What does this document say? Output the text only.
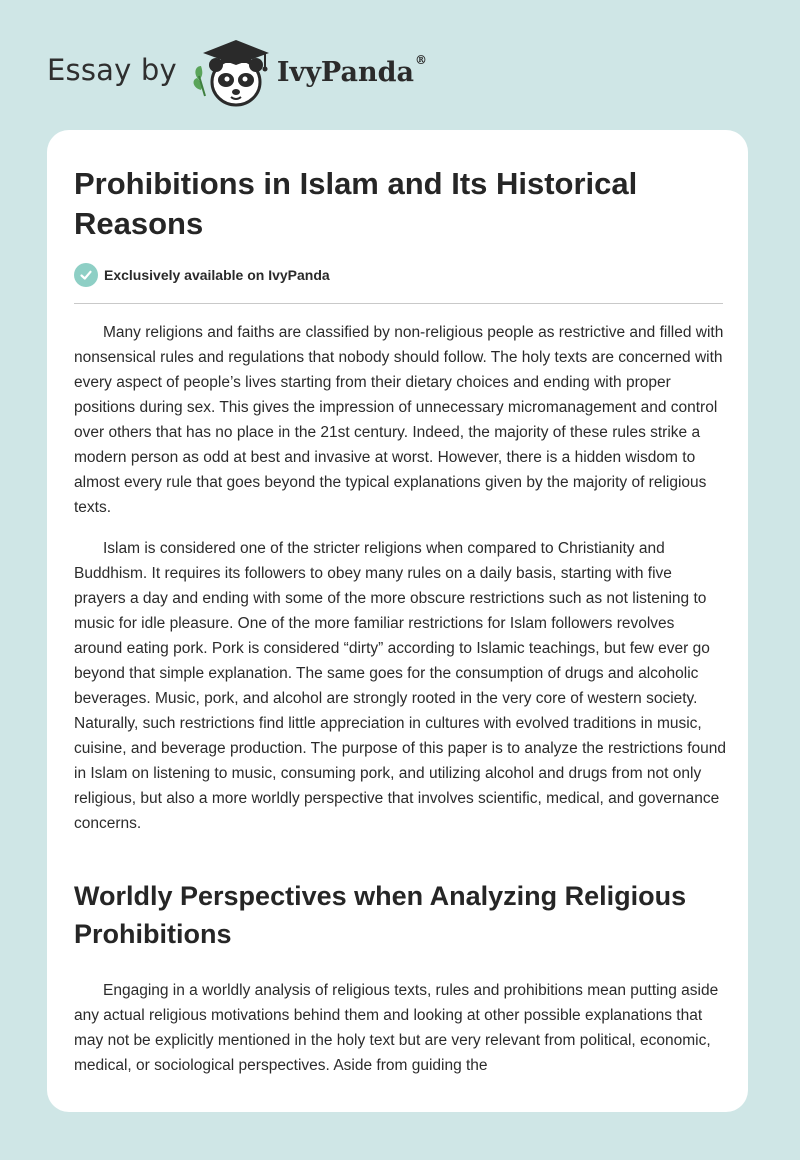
Essay by	IvyPanda®
Prohibitions in Islam and Its Historical Reasons
Exclusively available on IvyPanda

Many religions and faiths are classified by non-religious people as restrictive and filled with nonsensical rules and regulations that nobody should follow. The holy texts are concerned with every aspect of people’s lives starting from their dietary choices and ending with proper positions during sex. This gives the impression of unnecessary micromanagement and control over others that has no place in the 21st century. Indeed, the majority of these rules strike a modern person as odd at best and invasive at worst. However, there is a hidden wisdom to almost every rule that goes beyond the typical explanations given by the majority of religious texts.

Islam is considered one of the stricter religions when compared to Christianity and Buddhism. It requires its followers to obey many rules on a daily basis, starting with five prayers a day and ending with some of the more obscure restrictions such as not listening to music for idle pleasure. One of the more familiar restrictions for Islam followers revolves around eating pork. Pork is considered “dirty” according to Islamic teachings, but few ever go beyond that simple explanation. The same goes for the consumption of drugs and alcoholic beverages. Music, pork, and alcohol are strongly rooted in the very core of western society. Naturally, such restrictions find little appreciation in cultures with evolved traditions in music, cuisine, and beverage production. The purpose of this paper is to analyze the restrictions found in Islam on listening to music, consuming pork, and utilizing alcohol and drugs from not only religious, but also a more worldly perspective that involves scientific, medical, and governance concerns.

Worldly Perspectives when Analyzing Religious Prohibitions

Engaging in a worldly analysis of religious texts, rules and prohibitions mean putting aside any actual religious motivations behind them and looking at other possible explanations that may not be explicitly mentioned in the holy text but are very relevant from political, economic, medical, or sociological perspectives. Aside from guiding the
